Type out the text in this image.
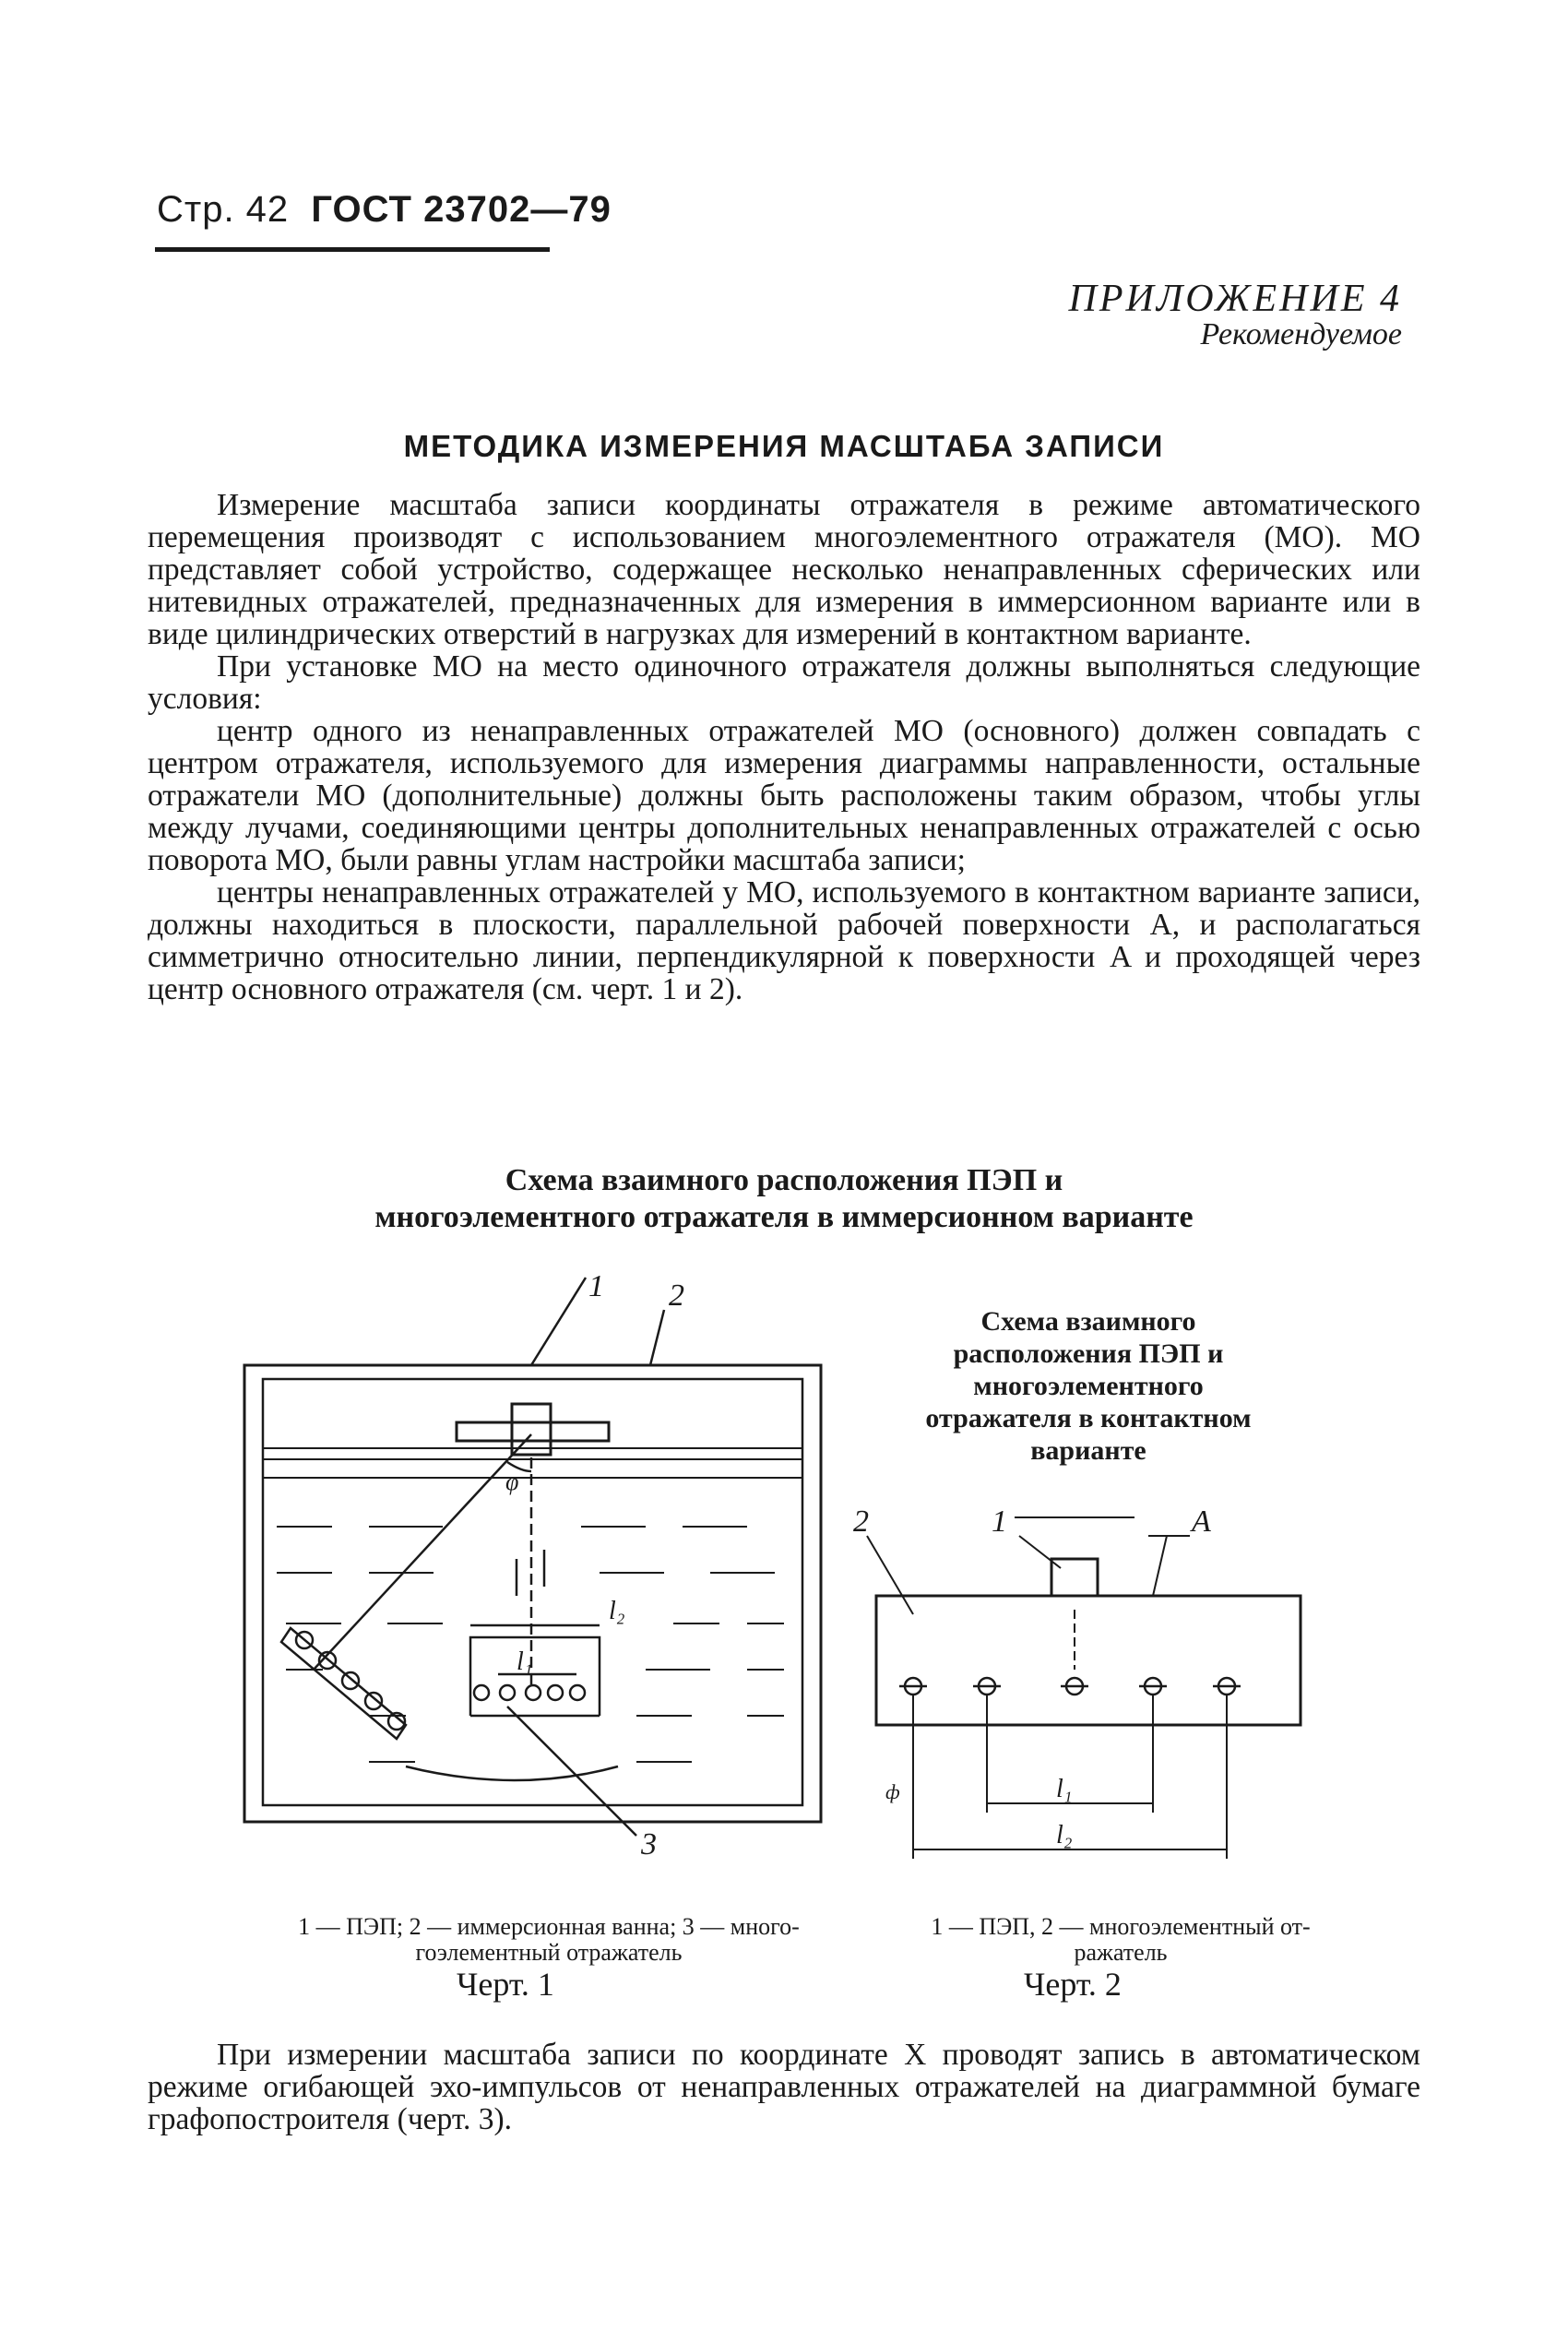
Стр. 42 ГОСТ 23702—79
ПРИЛОЖЕНИЕ 4
Рекомендуемое
МЕТОДИКА ИЗМЕРЕНИЯ МАСШТАБА ЗАПИСИ

Измерение масштаба записи координаты отражателя в режиме автоматического перемещения производят с использованием многоэлементного отражателя (МО). МО представляет собой устройство, содержащее несколько ненаправленных сферических или нитевидных отражателей, предназначенных для измерения в иммерсионном варианте или в виде цилиндрических отверстий в нагрузках для измерений в контактном варианте.

При установке МО на место одиночного отражателя должны выполняться следующие условия:

центр одного из ненаправленных отражателей МО (основного) должен совпадать с центром отражателя, используемого для измерения диаграммы направленности, остальные отражатели МО (дополнительные) должны быть расположены таким образом, чтобы углы между лучами, соединяющими центры дополнительных ненаправленных отражателей с осью поворота МО, были равны углам настройки масштаба записи;

центры ненаправленных отражателей у МО, используемого в контактном варианте записи, должны находиться в плоскости, параллельной рабочей поверхности A, и располагаться симметрично относительно линии, перпендикулярной к поверхности A и проходящей через центр основного отражателя (см. черт. 1 и 2).

Схема взаимного расположения ПЭП и
многоэлементного отражателя в иммерсионном варианте
Схема взаимного
расположения ПЭП и
многоэлементного
отражателя в контактном
варианте
1 2
3
φ
l₂
l₁
2	1	A
l₁
l₂
ф
1 — ПЭП; 2 — иммерсионная ванна; 3 — много-
гоэлементный отражатель
Черт. 1
1 — ПЭП, 2 — многоэлементный от-
ражатель
Черт. 2

При измерении масштаба записи по координате X проводят запись в автоматическом режиме огибающей эхо-импульсов от ненаправленных отражателей на диаграммной бумаге графопостроителя (черт. 3).
